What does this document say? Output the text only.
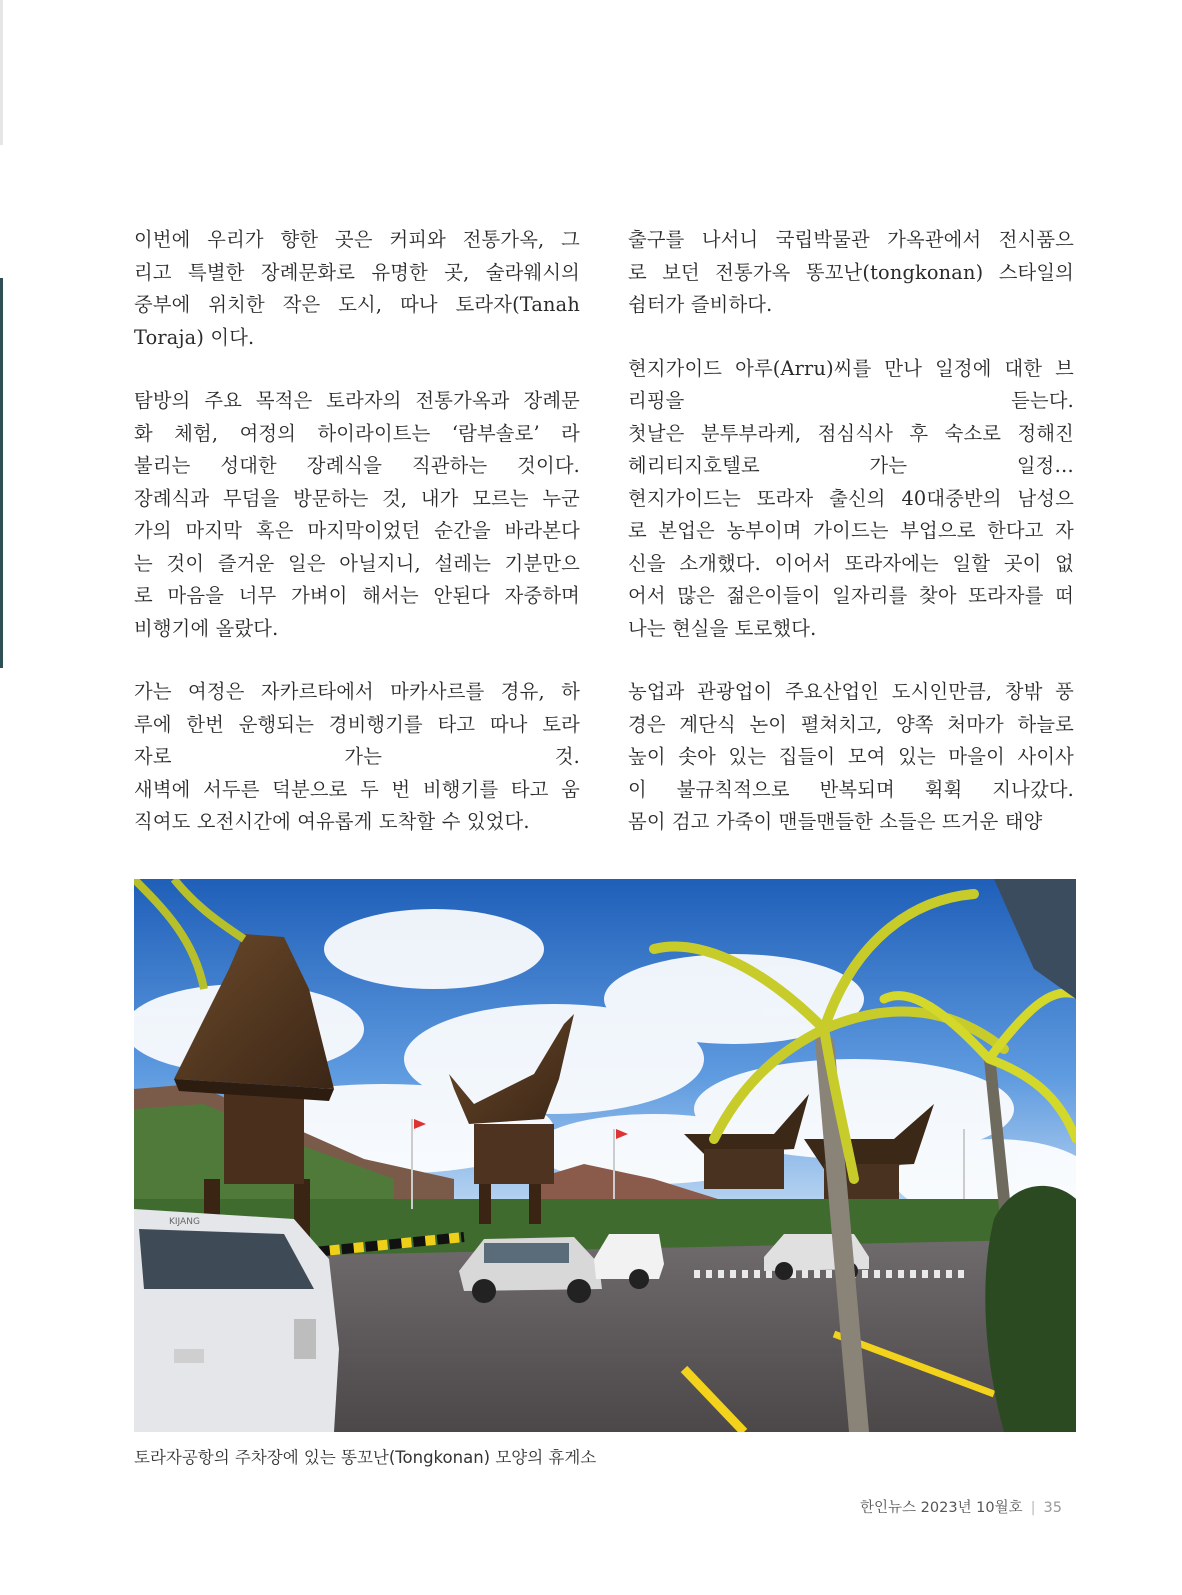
이번에 우리가 향한 곳은 커피와 전통가옥, 그
리고 특별한 장례문화로 유명한 곳, 술라웨시의
중부에 위치한 작은 도시, 따나 토라자(Tanah
Toraja) 이다.
탐방의 주요 목적은 토라자의 전통가옥과 장례문
화 체험, 여정의 하이라이트는 ‘람부솔로’ 라
불리는 성대한 장례식을 직관하는 것이다.
장례식과 무덤을 방문하는 것, 내가 모르는 누군
가의 마지막 혹은 마지막이었던 순간을 바라본다
는 것이 즐거운 일은 아닐지니, 설레는 기분만으
로 마음을 너무 가벼이 해서는 안된다 자중하며
비행기에 올랐다.
가는 여정은 자카르타에서 마카사르를 경유, 하
루에 한번 운행되는 경비행기를 타고 따나 토라
자로 가는 것.
새벽에 서두른 덕분으로 두 번 비행기를 타고 움
직여도 오전시간에 여유롭게 도착할 수 있었다.
출구를 나서니 국립박물관 가옥관에서 전시품으
로 보던 전통가옥 똥꼬난(tongkonan) 스타일의
쉼터가 즐비하다.
현지가이드 아루(Arru)씨를 만나 일정에 대한 브
리핑을 듣는다.
첫날은 분투부라케, 점심식사 후 숙소로 정해진
헤리티지호텔로 가는 일정…
현지가이드는 또라자 출신의 40대중반의 남성으
로 본업은 농부이며 가이드는 부업으로 한다고 자
신을 소개했다. 이어서 또라자에는 일할 곳이 없
어서 많은 젊은이들이 일자리를 찾아 또라자를 떠
나는 현실을 토로했다.
농업과 관광업이 주요산업인 도시인만큼, 창밖 풍
경은 계단식 논이 펼쳐치고, 양쪽 처마가 하늘로
높이 솟아 있는 집들이 모여 있는 마을이 사이사
이 불규칙적으로 반복되며 휙휙 지나갔다.
몸이 검고 가죽이 맨들맨들한 소들은 뜨거운 태양
KIJANG
토라자공항의 주차장에 있는 똥꼬난(Tongkonan) 모양의 휴게소
한인뉴스 2023년 10월호 | 35
